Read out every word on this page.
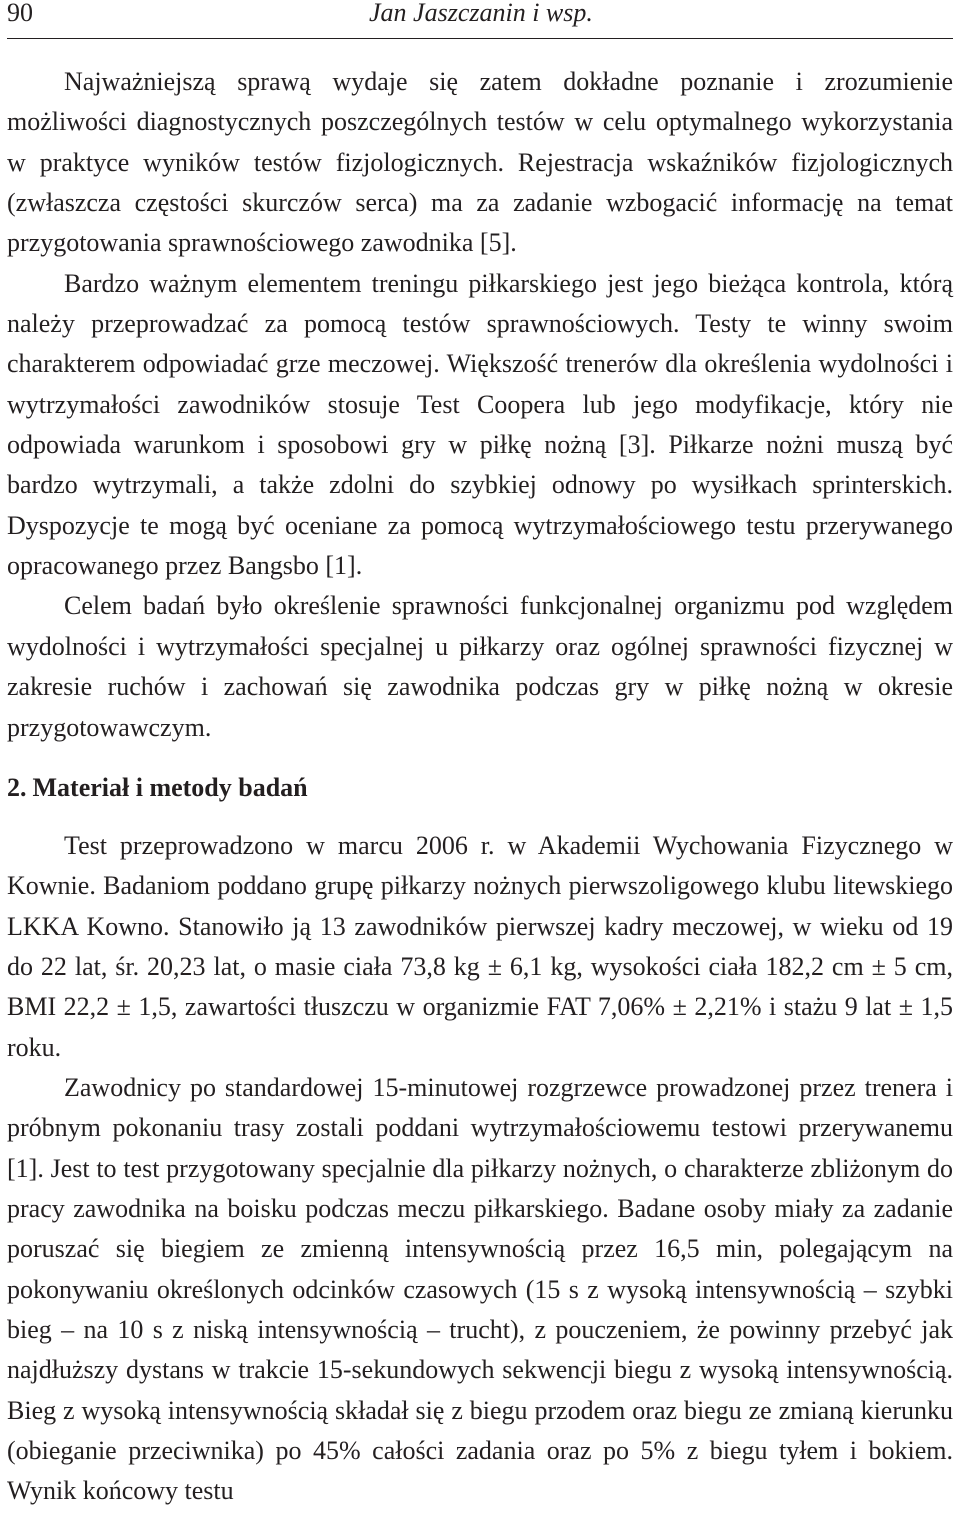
90	Jan Jaszczanin i wsp.

Najważniejszą sprawą wydaje się zatem dokładne poznanie i zrozumienie możliwości diagnostycznych poszczególnych testów w celu optymalnego wykorzystania w praktyce wyników testów fizjologicznych. Rejestracja wskaźników fizjologicznych (zwłaszcza częstości skurczów serca) ma za zadanie wzbogacić informację na temat przygotowania sprawnościowego zawodnika [5].

Bardzo ważnym elementem treningu piłkarskiego jest jego bieżąca kontrola, którą należy przeprowadzać za pomocą testów sprawnościowych. Testy te winny swoim charakterem odpowiadać grze meczowej. Większość trenerów dla określenia wydolności i wytrzymałości zawodników stosuje Test Coopera lub jego modyfikacje, który nie odpowiada warunkom i sposobowi gry w piłkę nożną [3]. Piłkarze nożni muszą być bardzo wytrzymali, a także zdolni do szybkiej odnowy po wysiłkach sprinterskich. Dyspozycje te mogą być oceniane za pomocą wytrzymałościowego testu przerywanego opracowanego przez Bangsbo [1].

Celem badań było określenie sprawności funkcjonalnej organizmu pod względem wydolności i wytrzymałości specjalnej u piłkarzy oraz ogólnej sprawności fizycznej w zakresie ruchów i zachowań się zawodnika podczas gry w piłkę nożną w okresie przygotowawczym.

2. Materiał i metody badań

Test przeprowadzono w marcu 2006 r. w Akademii Wychowania Fizycznego w Kownie. Badaniom poddano grupę piłkarzy nożnych pierwszoligowego klubu litewskiego LKKA Kowno. Stanowiło ją 13 zawodników pierwszej kadry meczowej, w wieku od 19 do 22 lat, śr. 20,23 lat, o masie ciała 73,8 kg ± 6,1 kg, wysokości ciała 182,2 cm ± 5 cm, BMI 22,2 ± 1,5, zawartości tłuszczu w organizmie FAT 7,06% ± 2,21% i stażu 9 lat ± 1,5 roku.

Zawodnicy po standardowej 15-minutowej rozgrzewce prowadzonej przez trenera i próbnym pokonaniu trasy zostali poddani wytrzymałościowemu testowi przerywanemu [1]. Jest to test przygotowany specjalnie dla piłkarzy nożnych, o charakterze zbliżonym do pracy zawodnika na boisku podczas meczu piłkarskiego. Badane osoby miały za zadanie poruszać się biegiem ze zmienną intensywnością przez 16,5 min, polegającym na pokonywaniu określonych odcinków czasowych (15 s z wysoką intensywnością – szybki bieg – na 10 s z niską intensywnością – trucht), z pouczeniem, że powinny przebyć jak najdłuższy dystans w trakcie 15-sekundowych sekwencji biegu z wysoką intensywnością. Bieg z wysoką intensywnością składał się z biegu przodem oraz biegu ze zmianą kierunku (obieganie przeciwnika) po 45% całości zadania oraz po 5% z biegu tyłem i bokiem. Wynik końcowy testu
